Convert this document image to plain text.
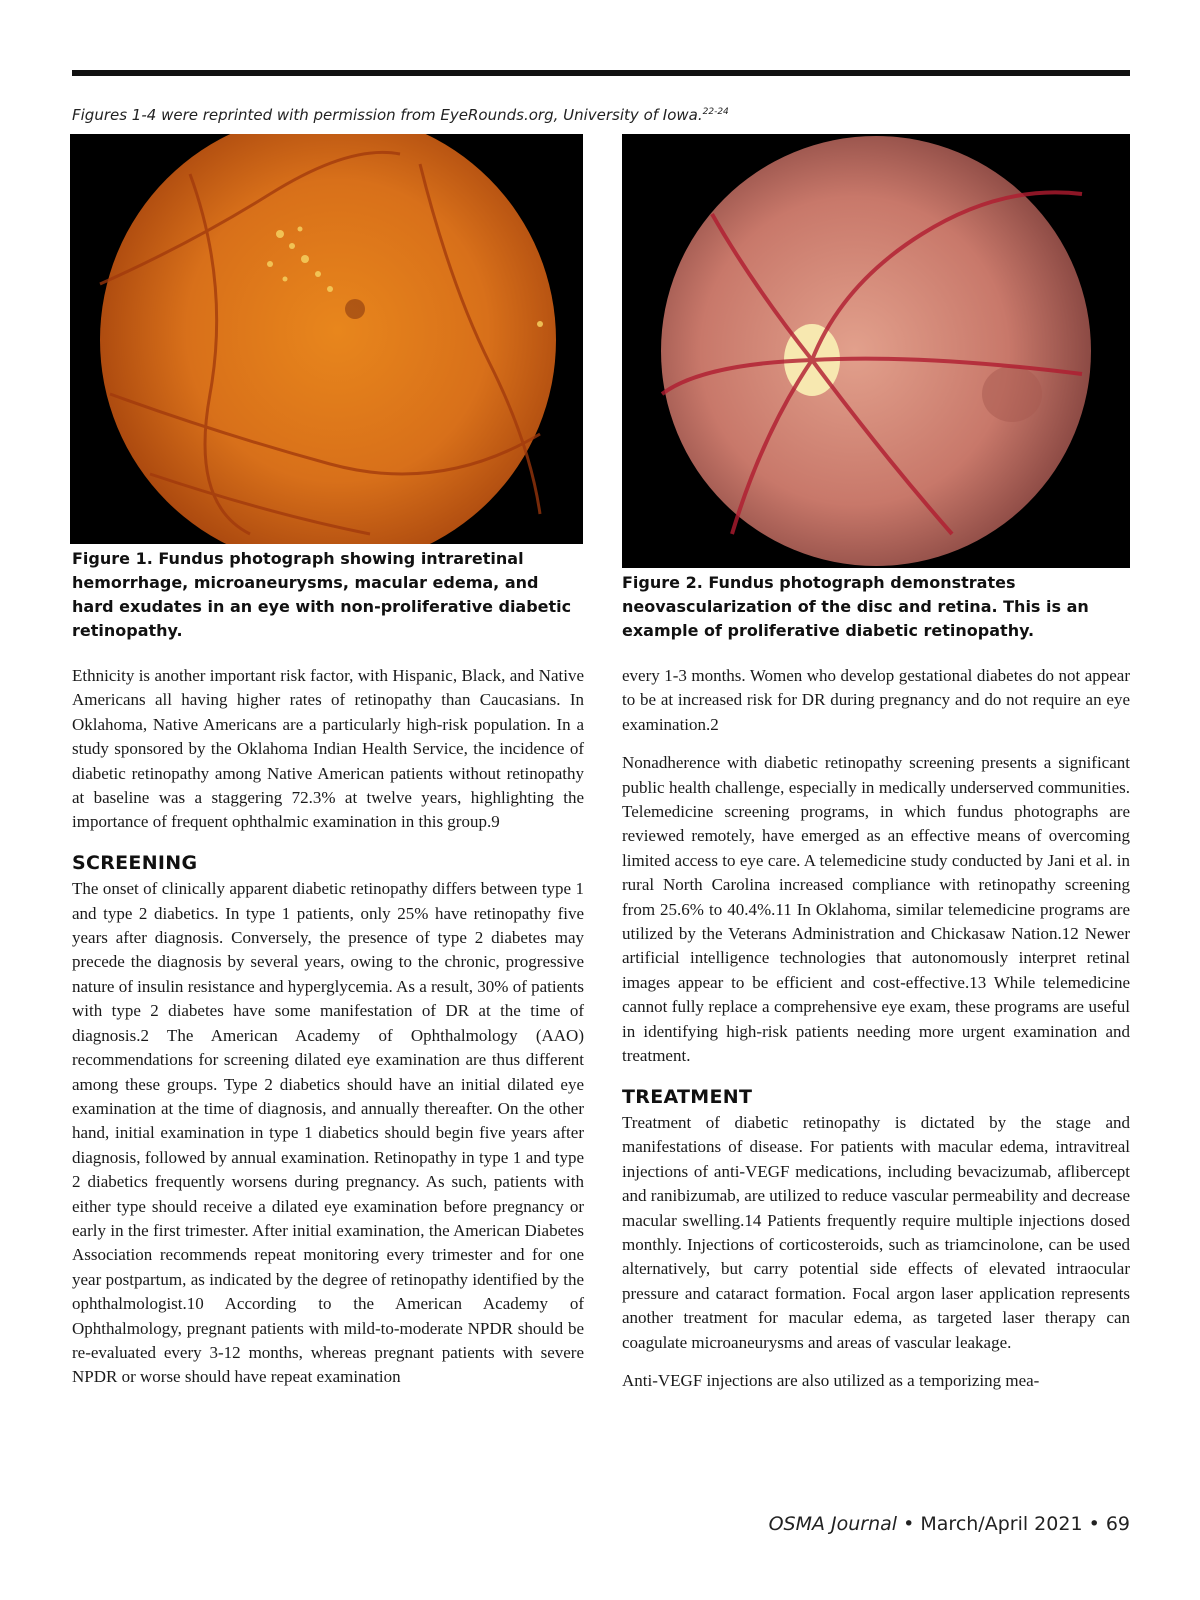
Figures 1-4 were reprinted with permission from EyeRounds.org, University of Iowa.$^{22-24}$
Figure 1. Fundus photograph showing intraretinal hemorrhage, microaneurysms, macular edema, and hard exudates in an eye with non-proliferative diabetic retinopathy.
Figure 2. Fundus photograph demonstrates neovascularization of the disc and retina. This is an example of proliferative diabetic retinopathy.

Ethnicity is another important risk factor, with Hispanic, Black, and Native Americans all having higher rates of retinopathy than Caucasians. In Oklahoma, Native Americans are a particularly high-risk population. In a study sponsored by the Oklahoma Indian Health Service, the incidence of diabetic retinopathy among Native American patients without retinopathy at baseline was a staggering 72.3% at twelve years, highlighting the importance of frequent ophthalmic examination in this group.9

SCREENING

The onset of clinically apparent diabetic retinopathy differs between type 1 and type 2 diabetics. In type 1 patients, only 25% have retinopathy five years after diagnosis. Conversely, the presence of type 2 diabetes may precede the diagnosis by several years, owing to the chronic, progressive nature of insulin resistance and hyperglycemia. As a result, 30% of patients with type 2 diabetes have some manifestation of DR at the time of diagnosis.2 The American Academy of Ophthalmology (AAO) recommendations for screening dilated eye examination are thus different among these groups. Type 2 diabetics should have an initial dilated eye examination at the time of diagnosis, and annually thereafter. On the other hand, initial examination in type 1 diabetics should begin five years after diagnosis, followed by annual examination. Retinopathy in type 1 and type 2 diabetics frequently worsens during pregnancy. As such, patients with either type should receive a dilated eye examination before pregnancy or early in the first trimester. After initial examination, the American Diabetes Association recommends repeat monitoring every trimester and for one year postpartum, as indicated by the degree of retinopathy identified by the ophthalmologist.10 According to the American Academy of Ophthalmology, pregnant patients with mild-to-moderate NPDR should be re-evaluated every 3-12 months, whereas pregnant patients with severe NPDR or worse should have repeat examination

every 1-3 months. Women who develop gestational diabetes do not appear to be at increased risk for DR during pregnancy and do not require an eye examination.2

Nonadherence with diabetic retinopathy screening presents a significant public health challenge, especially in medically underserved communities. Telemedicine screening programs, in which fundus photographs are reviewed remotely, have emerged as an effective means of overcoming limited access to eye care. A telemedicine study conducted by Jani et al. in rural North Carolina increased compliance with retinopathy screening from 25.6% to 40.4%.11 In Oklahoma, similar telemedicine programs are utilized by the Veterans Administration and Chickasaw Nation.12 Newer artificial intelligence technologies that autonomously interpret retinal images appear to be efficient and cost-effective.13 While telemedicine cannot fully replace a comprehensive eye exam, these programs are useful in identifying high-risk patients needing more urgent examination and treatment.

TREATMENT

Treatment of diabetic retinopathy is dictated by the stage and manifestations of disease. For patients with macular edema, intravitreal injections of anti-VEGF medications, including bevacizumab, aflibercept and ranibizumab, are utilized to reduce vascular permeability and decrease macular swelling.14 Patients frequently require multiple injections dosed monthly. Injections of corticosteroids, such as triamcinolone, can be used alternatively, but carry potential side effects of elevated intraocular pressure and cataract formation. Focal argon laser application represents another treatment for macular edema, as targeted laser therapy can coagulate microaneurysms and areas of vascular leakage.

Anti-VEGF injections are also utilized as a temporizing mea-

OSMA Journal • March/April 2021 • 69
